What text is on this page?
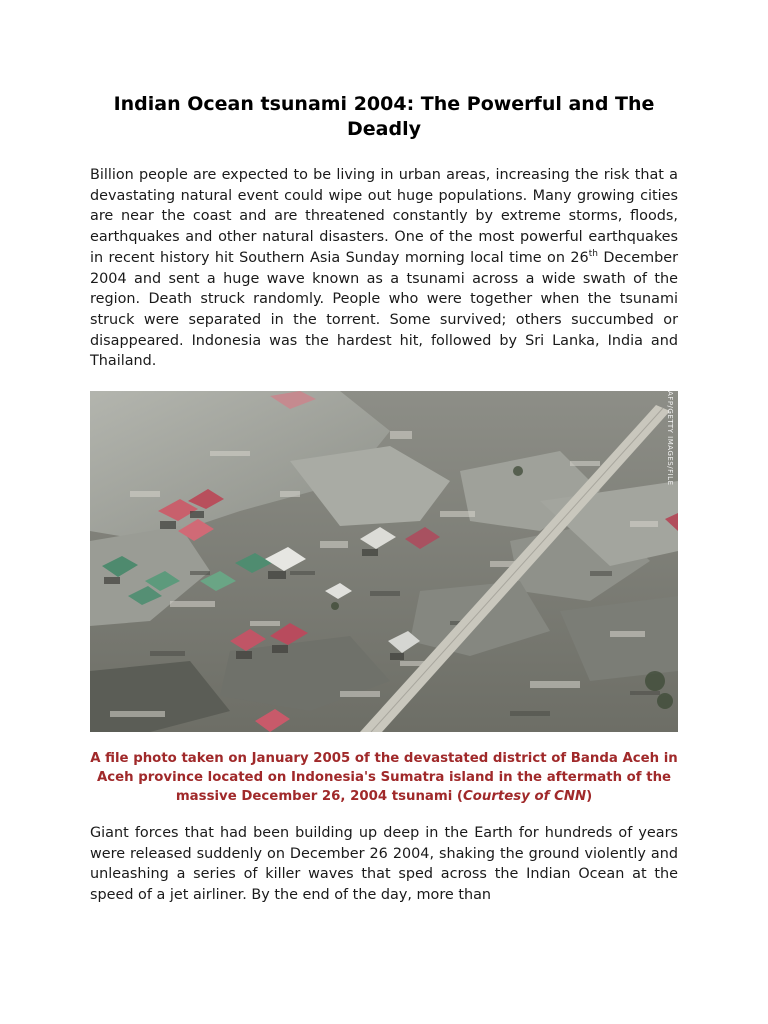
Indian Ocean tsunami 2004: The Powerful and The Deadly

Billion people are expected to be living in urban areas, increasing the risk that a devastating natural event could wipe out huge populations. Many growing cities are near the coast and are threatened constantly by extreme storms, floods, earthquakes and other natural disasters. One of the most powerful earthquakes in recent history hit Southern Asia Sunday morning local time on 26th December 2004 and sent a huge wave known as a tsunami across a wide swath of the region. Death struck randomly. People who were together when the tsunami struck were separated in the torrent. Some survived; others succumbed or disappeared. Indonesia was the hardest hit, followed by Sri Lanka, India and Thailand.

AFP/GETTY IMAGES/FILE

A file photo taken on January 2005 of the devastated district of Banda Aceh in Aceh province located on Indonesia's Sumatra island in the aftermath of the massive December 26, 2004 tsunami (Courtesy of CNN)

Giant forces that had been building up deep in the Earth for hundreds of years were released suddenly on December 26 2004, shaking the ground violently and unleashing a series of killer waves that sped across the Indian Ocean at the speed of a jet airliner. By the end of the day, more than
